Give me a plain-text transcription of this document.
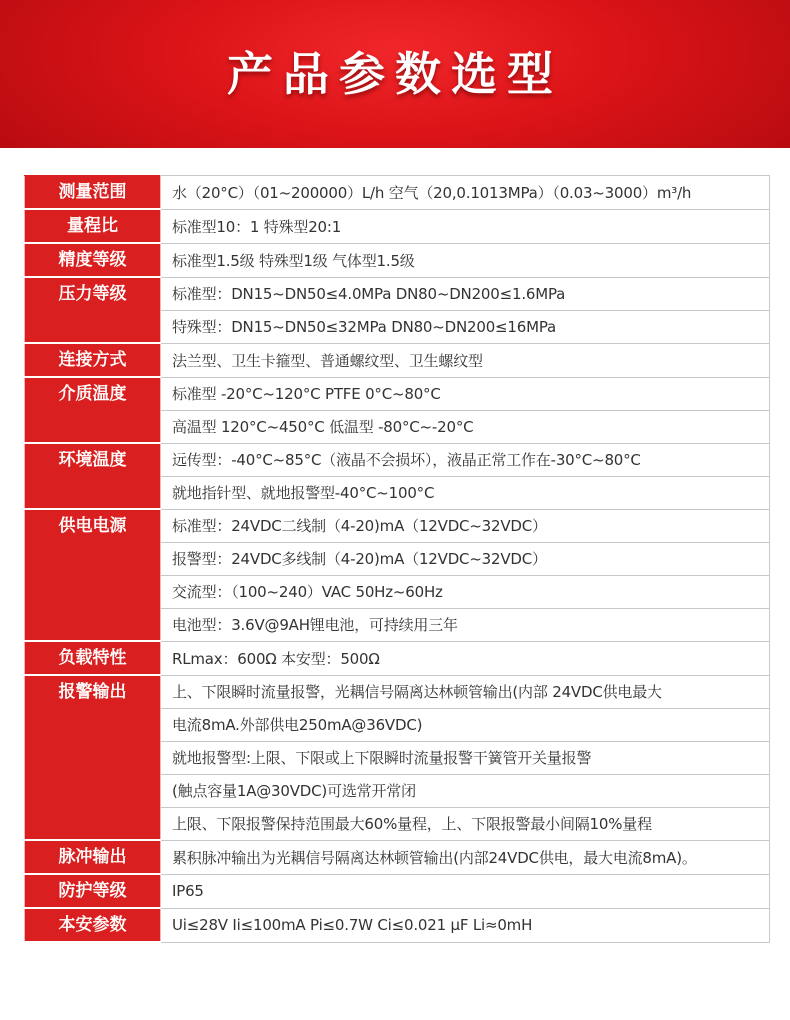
产品参数选型
测量范围	水（20°C）（01~200000）L/h 空气（20,0.1013MPa）（0.03~3000）m³/h

量程比	标准型10：1 特殊型20:1

精度等级	标准型1.5级 特殊型1级 气体型1.5级

压力等级	标准型：DN15~DN50≤4.0MPa DN80~DN200≤1.6MPa
	特殊型：DN15~DN50≤32MPa DN80~DN200≤16MPa

连接方式	法兰型、卫生卡箍型、普通螺纹型、卫生螺纹型

介质温度	标准型 -20°C~120°C PTFE 0°C~80°C
	高温型 120°C~450°C 低温型 -80°C~-20°C

环境温度	远传型：-40°C~85°C（液晶不会损坏），液晶正常工作在-30°C~80°C
	就地指针型、就地报警型-40°C~100°C

供电电源	标准型：24VDC二线制（4-20)mA（12VDC~32VDC）
	报警型：24VDC多线制（4-20)mA（12VDC~32VDC）
	交流型：（100~240）VAC 50Hz~60Hz
	电池型：3.6V@9AH锂电池，可持续用三年

负载特性	RLmax：600Ω 本安型：500Ω

报警输出	上、下限瞬时流量报警，光耦信号隔离达林顿管输出(内部 24VDC供电最大
	电流8mA.外部供电250mA@36VDC)
	就地报警型:上限、下限或上下限瞬时流量报警干簧管开关量报警
	(触点容量1A@30VDC)可选常开常闭
	上限、下限报警保持范围最大60%量程，上、下限报警最小间隔10%量程

脉冲输出	累积脉冲输出为光耦信号隔离达林顿管输出(内部24VDC供电，最大电流8mA)。

防护等级	IP65

本安参数	Ui≤28V Ii≤100mA Pi≤0.7W Ci≤0.021 μF Li≈0mH
